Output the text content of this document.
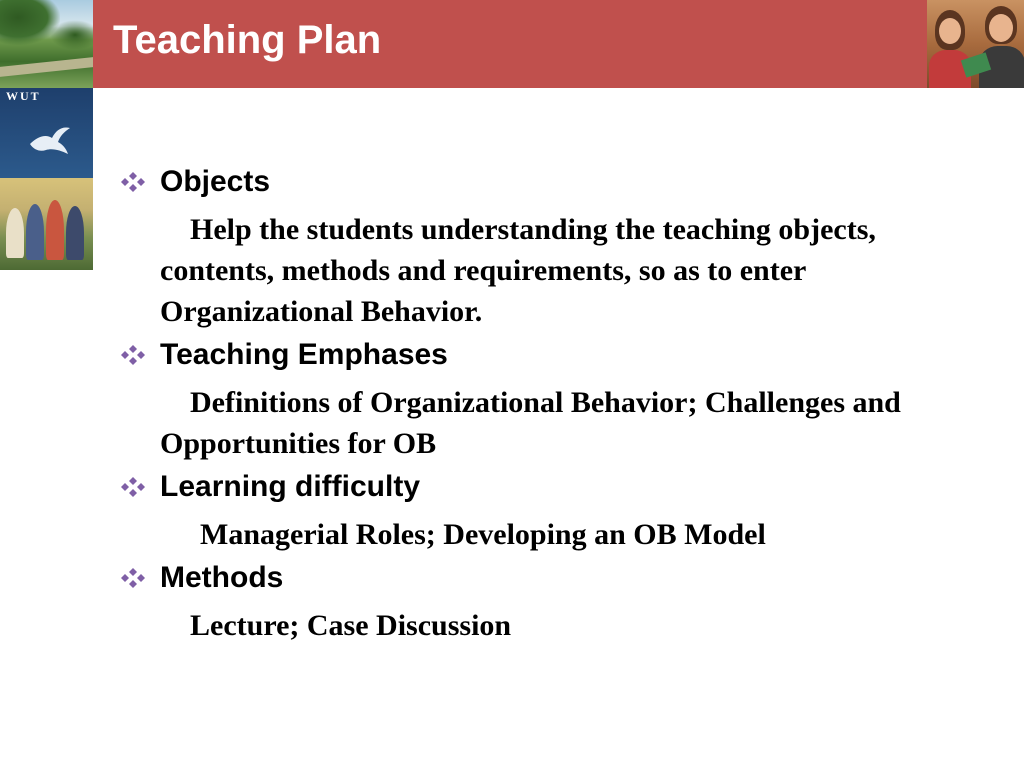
WUT
Teaching Plan
Objects

Help the students understanding the teaching objects, contents, methods and requirements, so as to enter Organizational Behavior.

Teaching Emphases

Definitions of Organizational Behavior; Challenges and Opportunities for OB

Learning difficulty

Managerial Roles; Developing an OB Model

Methods

Lecture; Case Discussion
